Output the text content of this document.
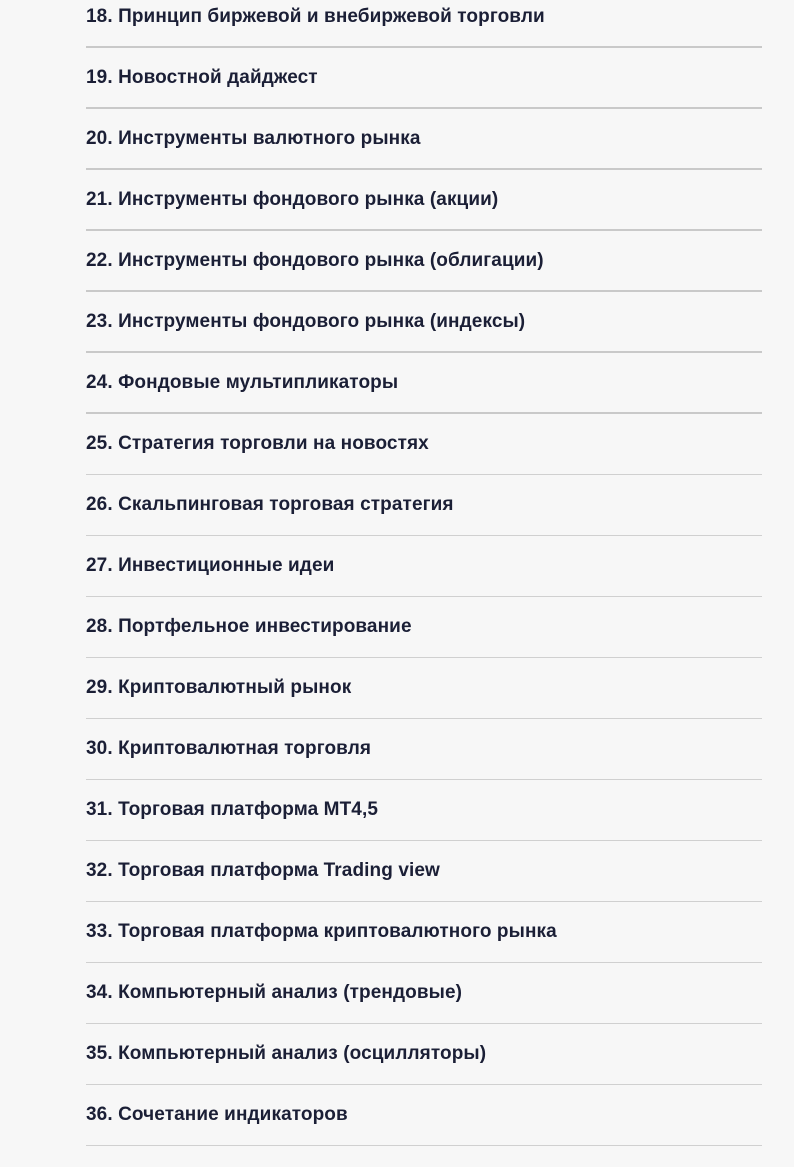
18. Принцип биржевой и внебиржевой торговли
19. Новостной дайджест
20. Инструменты валютного рынка
21. Инструменты фондового рынка (акции)
22. Инструменты фондового рынка (облигации)
23. Инструменты фондового рынка (индексы)
24. Фондовые мультипликаторы
25. Стратегия торговли на новостях
26. Скальпинговая торговая стратегия
27. Инвестиционные идеи
28. Портфельное инвестирование
29. Криптовалютный рынок
30. Криптовалютная торговля
31. Торговая платформа МТ4,5
32. Торговая платформа Trading view
33. Торговая платформа криптовалютного рынка
34. Компьютерный анализ (трендовые)
35. Компьютерный анализ (осцилляторы)
36. Сочетание индикаторов
